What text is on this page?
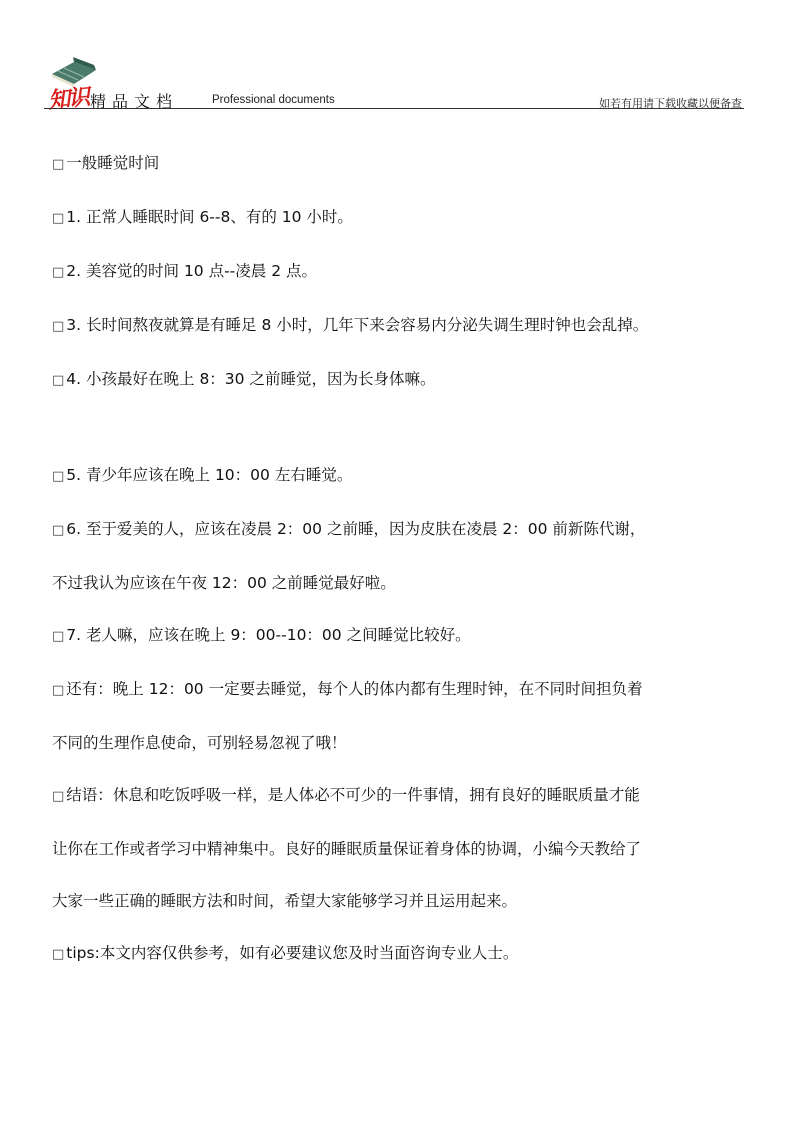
知识 精品文档	Professional documents	如若有用请下载收藏以便备查
□ 一般睡觉时间
□ 1. 正常人睡眠时间 6--8、有的 10 小时。
□ 2. 美容觉的时间 10 点--凌晨 2 点。
□ 3. 长时间熬夜就算是有睡足 8 小时，几年下来会容易内分泌失调生理时钟也会乱掉。
□ 4. 小孩最好在晚上 8：30 之前睡觉，因为长身体嘛。
□ 5. 青少年应该在晚上 10：00 左右睡觉。
□ 6. 至于爱美的人，应该在凌晨 2：00 之前睡，因为皮肤在凌晨 2：00 前新陈代谢，
不过我认为应该在午夜 12：00 之前睡觉最好啦。
□ 7. 老人嘛，应该在晚上 9：00--10：00 之间睡觉比较好。
□ 还有：晚上 12：00 一定要去睡觉，每个人的体内都有生理时钟，在不同时间担负着
不同的生理作息使命，可别轻易忽视了哦！
□ 结语：休息和吃饭呼吸一样，是人体必不可少的一件事情，拥有良好的睡眠质量才能
让你在工作或者学习中精神集中。良好的睡眠质量保证着身体的协调，小编今天教给了
大家一些正确的睡眠方法和时间，希望大家能够学习并且运用起来。
□ tips:本文内容仅供参考，如有必要建议您及时当面咨询专业人士。
